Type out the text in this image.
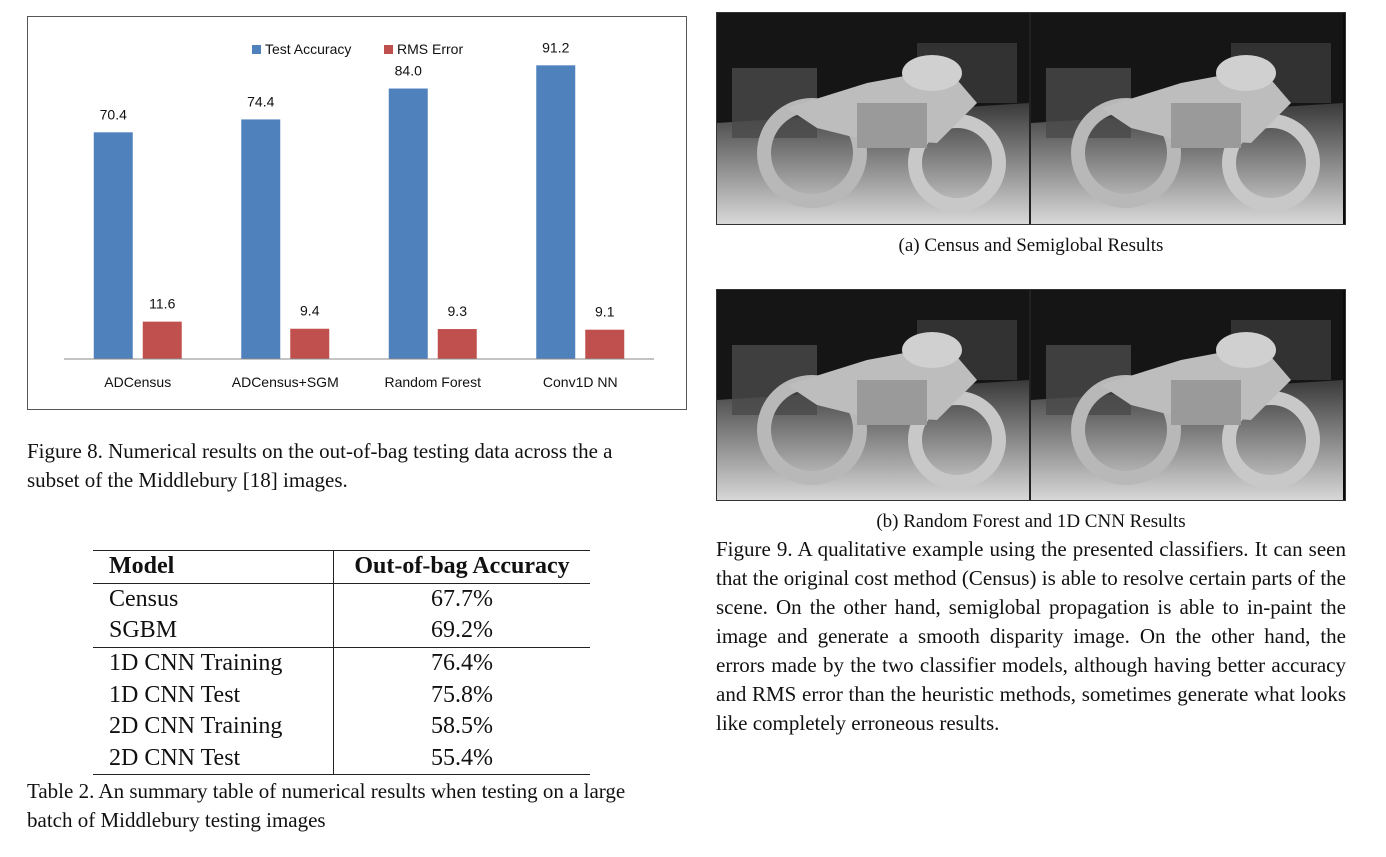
Test Accuracy	RMS Error
70.4
11.6
ADCensus
74.4
9.4
ADCensus+SGM
84.0
9.3
Random Forest
91.2
9.1
Conv1D NN
Figure 8. Numerical results on the out-of-bag testing data across the a subset of the Middlebury [18] images.
Model	Out-of-bag Accuracy
Census	67.7%
SGBM	69.2%
1D CNN Training	76.4%
1D CNN Test	75.8%
2D CNN Training	58.5%
2D CNN Test	55.4%
Table 2. An summary table of numerical results when testing on a large batch of Middlebury testing images
(a) Census and Semiglobal Results
(b) Random Forest and 1D CNN Results
Figure 9. A qualitative example using the presented classifiers. It can seen that the original cost method (Census) is able to resolve certain parts of the scene. On the other hand, semiglobal propagation is able to in-paint the image and generate a smooth disparity image. On the other hand, the errors made by the two classifier models, although having better accuracy and RMS error than the heuristic methods, sometimes generate what looks like completely erroneous results.
